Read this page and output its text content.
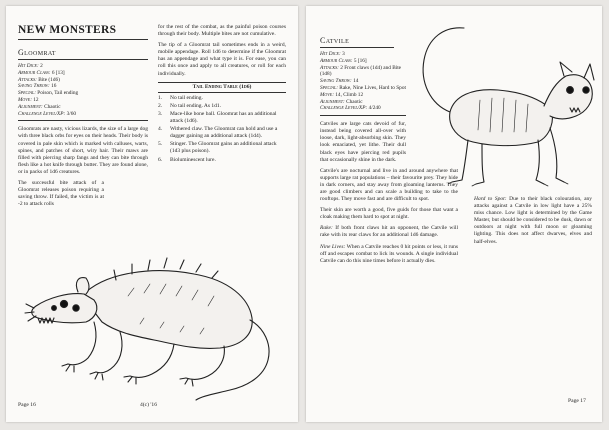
NEW MONSTERS
Gloomrat

Hit Dice: 2

Armour Class: 6 [13]

Attacks: Bite (1d6)

Saving Throw: 16

Special: Poison, Tail ending

Move: 12

Alignment: Chaotic

Challenge Level/XP: 3/60

Gloomrats are nasty, vicious lizards, the size of a large dog with three black orbs for eyes on their heads. Their body is covered in pale skin which is marked with calluses, warts, spines, and patches of short, wiry hair. Their maws are filled with piercing sharp fangs and they can bite through flesh like a hot knife through butter. They are found alone, or in packs of 1d6 creatures.

The successful bite attack of a Gloomrat releases poison requiring a saving throw. If failed, the victim is at -2 to attack rolls

for the rest of the combat, as the painful poison courses through their body. Multiple bites are not cumulative.

The tip of a Gloomrat tail sometimes ends in a weird, mobile appendage. Roll 1d6 to determine if the Gloomrat has an appendage and what type it is. For ease, you can roll this once and apply to all creatures, or roll for each individually.

Tail Ending Table (1d6)
1.	No tail ending.
2.	No tail ending. As 1d1.
3.	Mace-like bone ball. Gloomrat has an additional attack (1d6).
4.	Withered claw. The Gloomrat can hold and use a dagger gaining an additional attack (1d4).
5.	Stinger. The Gloomrat gains an additional attack (1d3 plus poison).
6.	Bioluminescent lure.
Page 16	4(c) '16
Catvile

Hit Dice: 3

Armour Class: 5 [16]

Attacks: 2 Front claws (1d4) and Bite (1d8)

Saving Throw: 14

Special: Rake, Nine Lives, Hard to Spot

Move: 14, Climb 12

Alignment: Chaotic

Challenge Level/XP: 4/240

Catviles are large cats devoid of fur, instead being covered all-over with loose, dark, light-absorbing skin. They look emaciated, yet lithe. Their dull black eyes have piercing red pupils that occasionally shine in the dark.

Catvile's are nocturnal and live in and around anywhere that supports large rat populations – their favourite prey. They hide in dark corners, and stay away from gloaming lanterns. They are good climbers and can scale a building to take to the rooftops. They move fast and are difficult to spot.

Their skin are worth a good, five guids for those that want a cloak making them hard to spot at night.

Rake: If both front claws hit an opponent, the Catvile will rake with its rear claws for an additional 1d6 damage.

Nine Lives: When a Catvile reaches 0 hit points or less, it runs off and escapes combat to lick its wounds. A single individual Catvile can do this nine times before it actually dies.

Hard to Spot: Due to their black colouration, any attacks against a Catvile in low light have a 25% miss chance. Low light is determined by the Game Master, but should be considered to be dusk, dawn or outdoors at night with full moon or gloaming lighting. This does not affect dwarves, elves and half-elves.

Page 17
